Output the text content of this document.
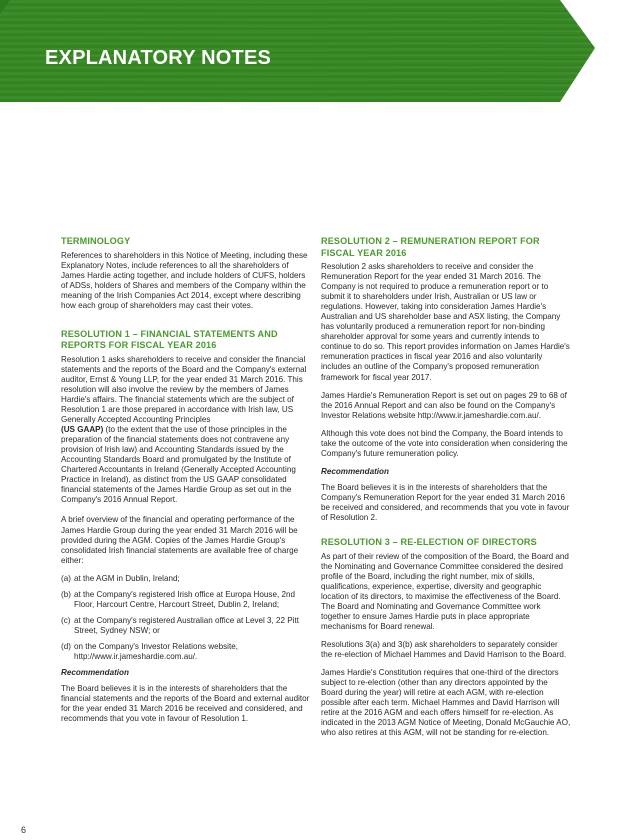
EXPLANATORY NOTES
TERMINOLOGY

References to shareholders in this Notice of Meeting, including these Explanatory Notes, include references to all the shareholders of James Hardie acting together, and include holders of CUFS, holders of ADSs, holders of Shares and members of the Company within the meaning of the Irish Companies Act 2014, except where describing how each group of shareholders may cast their votes.

RESOLUTION 1 – FINANCIAL STATEMENTS AND REPORTS FOR FISCAL YEAR 2016

Resolution 1 asks shareholders to receive and consider the financial statements and the reports of the Board and the Company's external auditor, Ernst & Young LLP, for the year ended 31 March 2016. This resolution will also involve the review by the members of James Hardie's affairs. The financial statements which are the subject of Resolution 1 are those prepared in accordance with Irish law, US Generally Accepted Accounting Principles
(US GAAP) (to the extent that the use of those principles in the preparation of the financial statements does not contravene any provision of Irish law) and Accounting Standards issued by the Accounting Standards Board and promulgated by the Institute of Chartered Accountants in Ireland (Generally Accepted Accounting Practice in Ireland), as distinct from the US GAAP consolidated financial statements of the James Hardie Group as set out in the Company's 2016 Annual Report.

A brief overview of the financial and operating performance of the James Hardie Group during the year ended 31 March 2016 will be provided during the AGM. Copies of the James Hardie Group's consolidated Irish financial statements are available free of charge either:

(a) at the AGM in Dublin, Ireland;
(b) at the Company's registered Irish office at Europa House, 2nd Floor, Harcourt Centre, Harcourt Street, Dublin 2, Ireland;
(c) at the Company's registered Australian office at Level 3, 22 Pitt Street, Sydney NSW; or
(d) on the Company's Investor Relations website, http://www.ir.jameshardie.com.au/.
Recommendation

The Board believes it is in the interests of shareholders that the financial statements and the reports of the Board and external auditor for the year ended 31 March 2016 be received and considered, and recommends that you vote in favour of Resolution 1.

RESOLUTION 2 – REMUNERATION REPORT FOR FISCAL YEAR 2016

Resolution 2 asks shareholders to receive and consider the Remuneration Report for the year ended 31 March 2016. The Company is not required to produce a remuneration report or to submit it to shareholders under Irish, Australian or US law or regulations. However, taking into consideration James Hardie's Australian and US shareholder base and ASX listing, the Company has voluntarily produced a remuneration report for non-binding shareholder approval for some years and currently intends to continue to do so. This report provides information on James Hardie's remuneration practices in fiscal year 2016 and also voluntarily includes an outline of the Company's proposed remuneration framework for fiscal year 2017.

James Hardie's Remuneration Report is set out on pages 29 to 68 of the 2016 Annual Report and can also be found on the Company's Investor Relations website http://www.ir.jameshardie.com.au/.

Although this vote does not bind the Company, the Board intends to take the outcome of the vote into consideration when considering the Company's future remuneration policy.

Recommendation

The Board believes it is in the interests of shareholders that the Company's Remuneration Report for the year ended 31 March 2016 be received and considered, and recommends that you vote in favour of Resolution 2.

RESOLUTION 3 – RE-ELECTION OF DIRECTORS

As part of their review of the composition of the Board, the Board and the Nominating and Governance Committee considered the desired profile of the Board, including the right number, mix of skills, qualifications, experience, expertise, diversity and geographic location of its directors, to maximise the effectiveness of the Board. The Board and Nominating and Governance Committee work together to ensure James Hardie puts in place appropriate mechanisms for Board renewal.

Resolutions 3(a) and 3(b) ask shareholders to separately consider the re-election of Michael Hammes and David Harrison to the Board.

James Hardie's Constitution requires that one-third of the directors subject to re-election (other than any directors appointed by the Board during the year) will retire at each AGM, with re-election possible after each term. Michael Hammes and David Harrison will retire at the 2016 AGM and each offers himself for re-election. As indicated in the 2013 AGM Notice of Meeting, Donald McGauchie AO, who also retires at this AGM, will not be standing for re-election.

6
